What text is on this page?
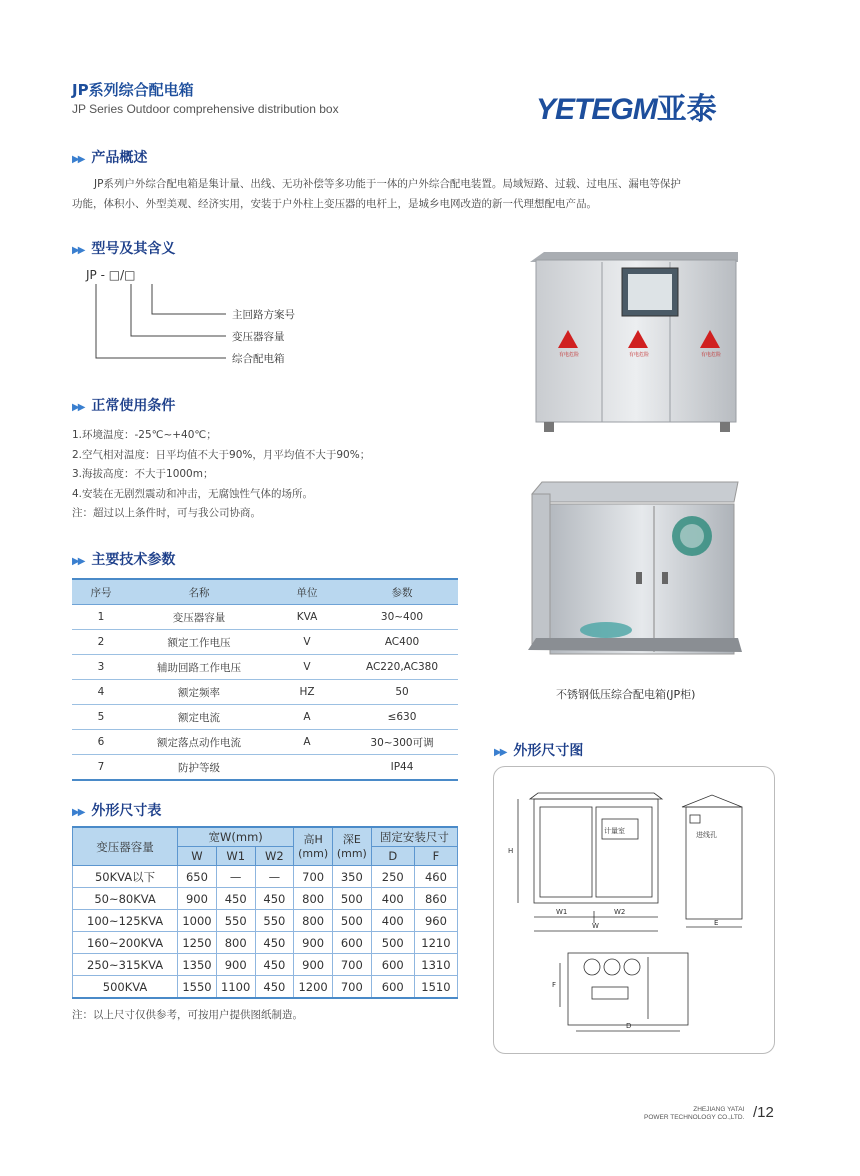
JP系列综合配电箱
JP Series Outdoor comprehensive distribution box	YETEGM亚泰
▶▶ 产品概述
JP系列户外综合配电箱是集计量、出线、无功补偿等多功能于一体的户外综合配电装置。局域短路、过载、过电压、漏电等保护
功能，体积小、外型美观、经济实用，安装于户外柱上变压器的电杆上，是城乡电网改造的新一代理想配电产品。
▶▶ 型号及其含义
JP - □/□
主回路方案号
变压器容量
综合配电箱
▶▶ 正常使用条件
1.环境温度：-25℃~+40℃；
2.空气相对温度：日平均值不大于90%，月平均值不大于90%；
3.海拔高度：不大于1000m；
4.安装在无剧烈震动和冲击，无腐蚀性气体的场所。
注：超过以上条件时，可与我公司协商。
▶▶ 主要技术参数
序号	名称	单位	参数
1	变压器容量	KVA	30~400
2	额定工作电压	V	AC400
3	辅助回路工作电压	V	AC220,AC380
4	额定频率	HZ	50
5	额定电流	A	≤630
6	额定落点动作电流	A	30~300可调
7	防护等级		IP44
▶▶ 外形尺寸表
变压器容量	宽W(mm)			高H (mm)	深E (mm)	固定安装尺寸	
	W	W1	W2			D	F
50KVA以下	650	—	—	700	350	250	460
50~80KVA	900	450	450	800	500	400	860
100~125KVA	1000	550	550	800	500	400	960
160~200KVA	1250	800	450	900	600	500	1210
250~315KVA	1350	900	450	900	700	600	1310
500KVA	1550	1100	450	1200	700	600	1510
注：以上尺寸仅供参考，可按用户提供图纸制造。
有电危险	有电危险	有电危险
不锈钢低压综合配电箱(JP柜)
▶▶ 外形尺寸图
H
W1	W2
W	E
F
D
计量室	进线孔
ZHEJIANG YATAI
POWER TECHNOLOGY CO.,LTD. /12
